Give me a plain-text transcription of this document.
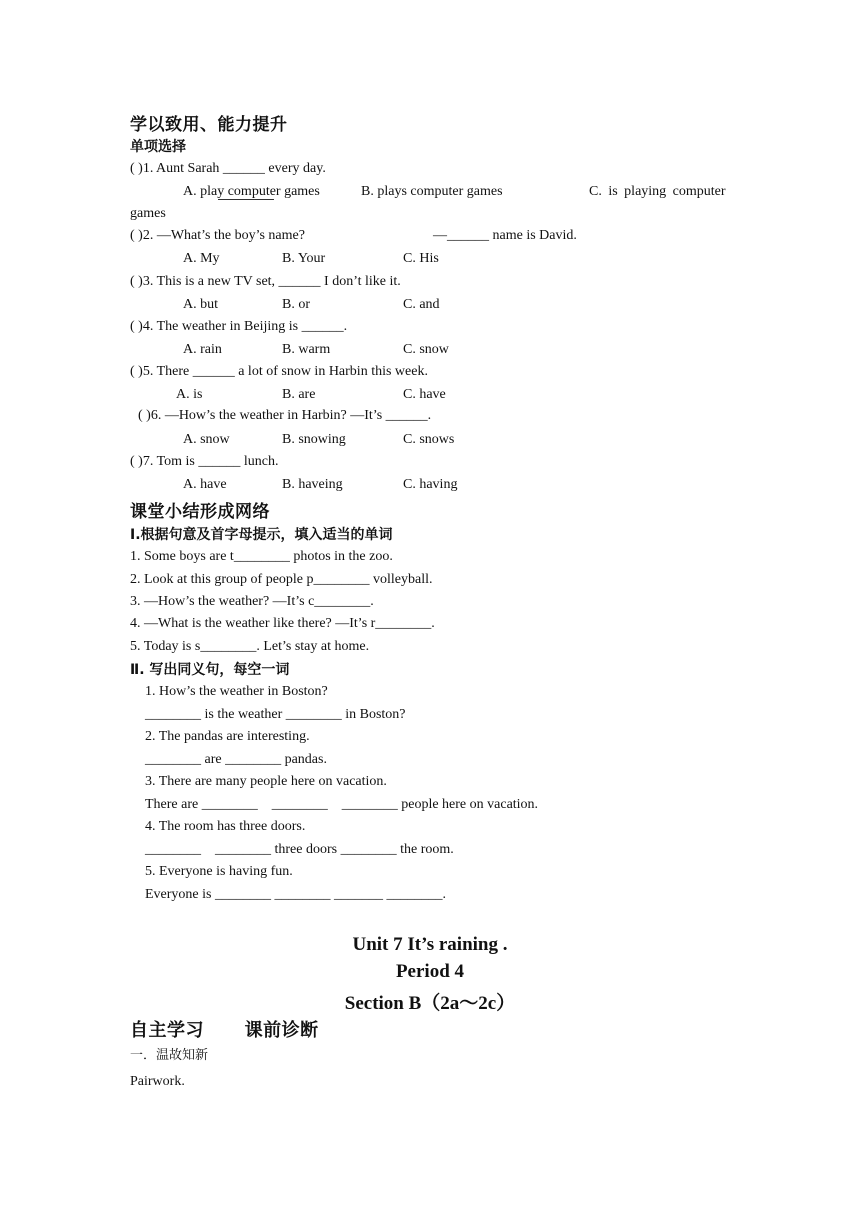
学以致用、能力提升
单项选择
( )1. Aunt Sarah ______ every day.
A. play computer games	B. plays computer games	C. is playing computer
games
( )2. —What’s the boy’s name?	—______ name is David.
A. My	B. Your	C. His
( )3. This is a new TV set, ______ I don’t like it.
A. but	B. or	C. and
( )4. The weather in Beijing is ______.
A. rain	B. warm	C. snow
( )5. There ______ a lot of snow in Harbin this week.
A. is	B. are	C. have
( )6. —How’s the weather in Harbin? —It’s ______.
A. snow	B. snowing	C. snows
( )7. Tom is ______ lunch.
A. have	B. haveing	C. having
课堂小结形成网络
Ⅰ.根据句意及首字母提示，填入适当的单词
1. Some boys are t________ photos in the zoo.
2. Look at this group of people p________ volleyball.
3. —How’s the weather? —It’s c________.
4. —What is the weather like there? —It’s r________.
5. Today is s________. Let’s stay at home.
Ⅱ. 写出同义句，每空一词
1. How’s the weather in Boston?
________ is the weather ________ in Boston?
2. The pandas are interesting.
________ are ________ pandas.
3. There are many people here on vacation.
There are ________    ________    ________ people here on vacation.
4. The room has three doors.
________    ________ three doors ________ the room.
5. Everyone is having fun.
Everyone is ________ ________ _______ ________.
Unit 7 It’s raining .
Period 4
Section B（2a～2c）
自主学习      课前诊断
一．温故知新
Pairwork.
